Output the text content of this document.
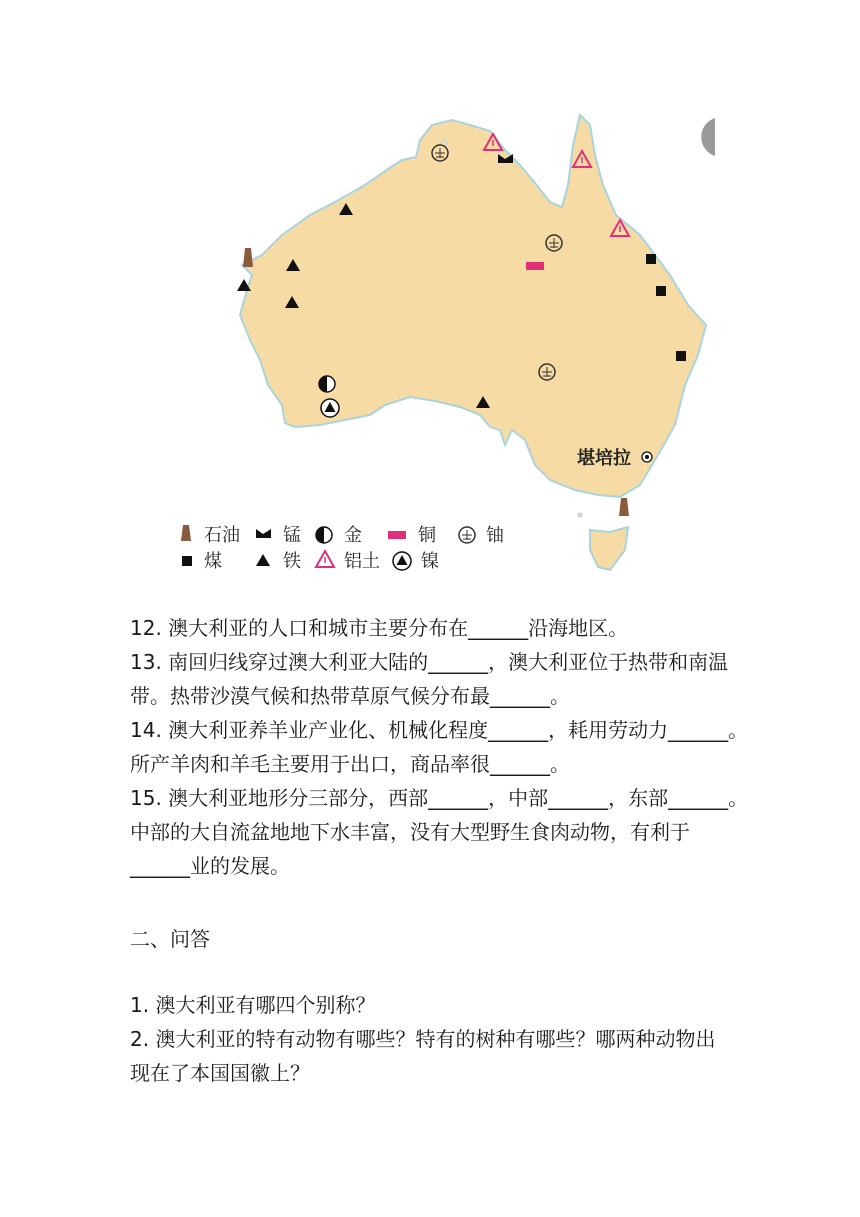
堪培拉
石油 锰 金	铜	铀
煤	铁 铝土 镍
12. 澳大利亚的人口和城市主要分布在______沿海地区。
13. 南回归线穿过澳大利亚大陆的______，澳大利亚位于热带和南温
带。热带沙漠气候和热带草原气候分布最______。
14. 澳大利亚养羊业产业化、机械化程度______，耗用劳动力______。
所产羊肉和羊毛主要用于出口，商品率很______。
15. 澳大利亚地形分三部分，西部______，中部______，东部______。
中部的大自流盆地地下水丰富，没有大型野生食肉动物，有利于
______业的发展。
二、问答
1. 澳大利亚有哪四个别称？
2. 澳大利亚的特有动物有哪些？特有的树种有哪些？哪两种动物出
现在了本国国徽上？
